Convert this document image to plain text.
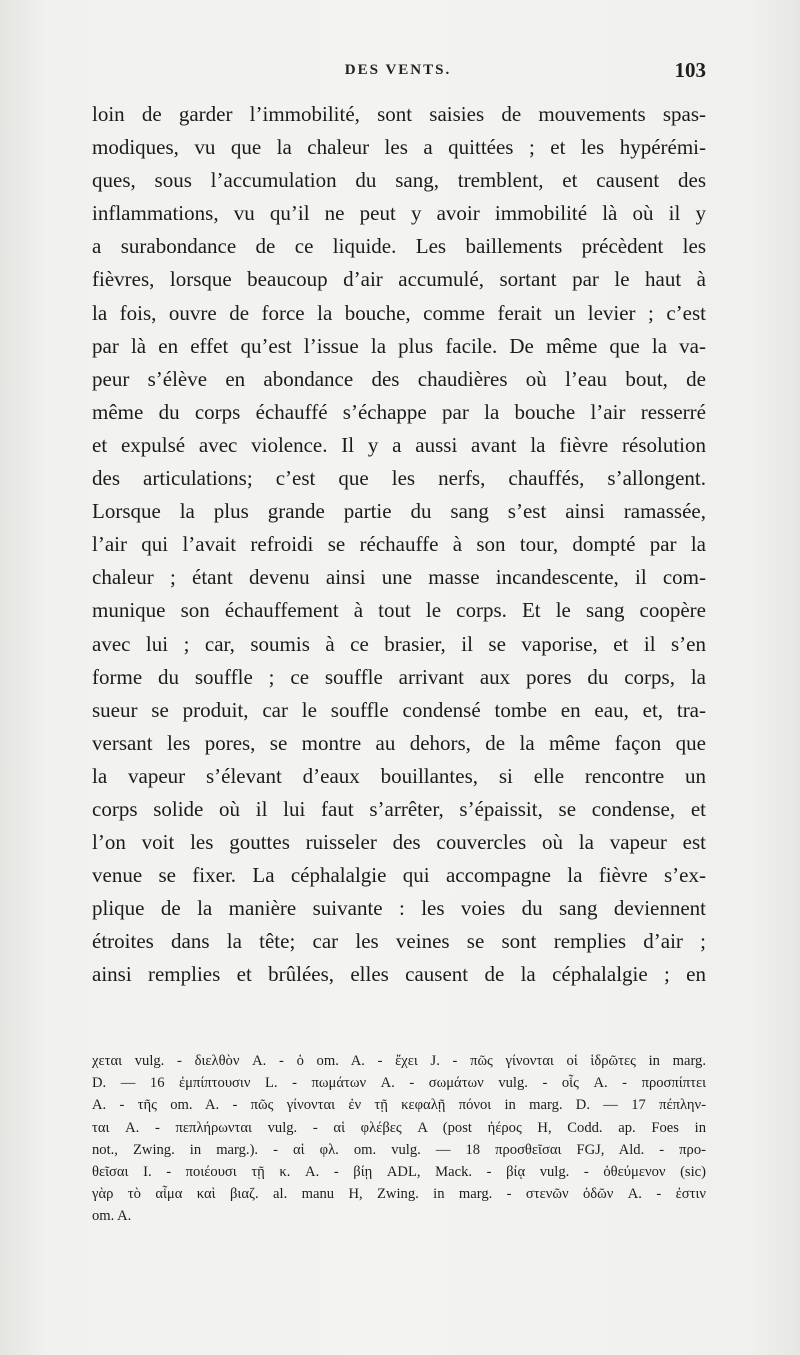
DES VENTS.	103
loin de garder l’immobilité, sont saisies de mouvements spas-
modiques, vu que la chaleur les a quittées ; et les hypérémi-
ques, sous l’accumulation du sang, tremblent, et causent des
inflammations, vu qu’il ne peut y avoir immobilité là où il y
a surabondance de ce liquide. Les baillements précèdent les
fièvres, lorsque beaucoup d’air accumulé, sortant par le haut à
la fois, ouvre de force la bouche, comme ferait un levier ; c’est
par là en effet qu’est l’issue la plus facile. De même que la va-
peur s’élève en abondance des chaudières où l’eau bout, de
même du corps échauffé s’échappe par la bouche l’air resserré
et expulsé avec violence. Il y a aussi avant la fièvre résolution
des articulations; c’est que les nerfs, chauffés, s’allongent.
Lorsque la plus grande partie du sang s’est ainsi ramassée,
l’air qui l’avait refroidi se réchauffe à son tour, dompté par la
chaleur ; étant devenu ainsi une masse incandescente, il com-
munique son échauffement à tout le corps. Et le sang coopère
avec lui ; car, soumis à ce brasier, il se vaporise, et il s’en
forme du souffle ; ce souffle arrivant aux pores du corps, la
sueur se produit, car le souffle condensé tombe en eau, et, tra-
versant les pores, se montre au dehors, de la même façon que
la vapeur s’élevant d’eaux bouillantes, si elle rencontre un
corps solide où il lui faut s’arrêter, s’épaissit, se condense, et
l’on voit les gouttes ruisseler des couvercles où la vapeur est
venue se fixer. La céphalalgie qui accompagne la fièvre s’ex-
plique de la manière suivante : les voies du sang deviennent
étroites dans la tête; car les veines se sont remplies d’air ;
ainsi remplies et brûlées, elles causent de la céphalalgie ; en
χεται vulg. - διελθὸν A. - ὁ om. A. - ἔχει J. - πῶς γίνονται οἱ ἱδρῶτες in marg.
D. — 16 ἐμπίπτουσιν L. - πωμάτων A. - σωμάτων vulg. - οἷς A. - προσπίπτει
A. - τῆς om. A. - πῶς γίνονται ἐν τῇ κεφαλῇ πόνοι in marg. D. — 17 πέπλην-
ται A. - πεπλήρωνται vulg. - αἱ φλέβες A (post ἠέρος H, Codd. ap. Foes in
not., Zwing. in marg.). - αἱ φλ. om. vulg. — 18 προσθεῖσαι FGJ, Ald. - προ-
θεῖσαι I. - ποιέουσι τῇ κ. A. - βίῃ ADL, Mack. - βίᾳ vulg. - ὀθεύμενον (sic)
γὰρ τὸ αἷμα καὶ βιαζ. al. manu H, Zwing. in marg. - στενῶν ὁδῶν A. - ἐστιν
om. A.
